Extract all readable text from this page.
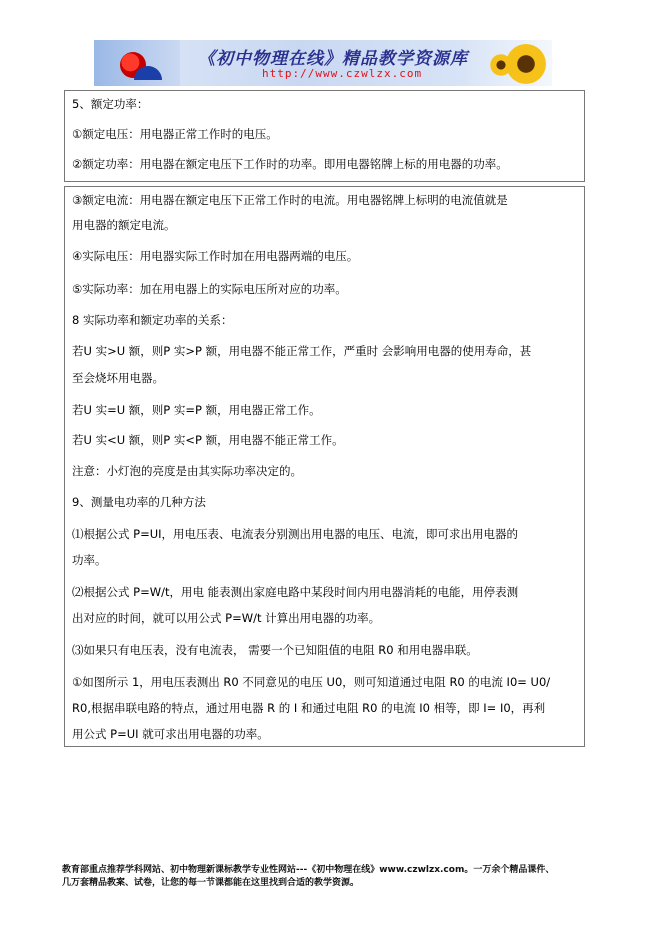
《初中物理在线》精品教学资源库
http://www.czwlzx.com
5、额定功率：
①额定电压：用电器正常工作时的电压。
②额定功率：用电器在额定电压下工作时的功率。即用电器铭牌上标的用电器的功率。
③额定电流：用电器在额定电压下正常工作时的电流。用电器铭牌上标明的电流值就是
用电器的额定电流。
④实际电压：用电器实际工作时加在用电器两端的电压。
⑤实际功率：加在用电器上的实际电压所对应的功率。
8 实际功率和额定功率的关系：
若U 实>U 额，则P 实>P 额，用电器不能正常工作，严重时 会影响用电器的使用寿命，甚
至会烧坏用电器。
若U 实=U 额，则P 实=P 额，用电器正常工作。
若U 实<U 额，则P 实<P 额，用电器不能正常工作。
注意：小灯泡的亮度是由其实际功率决定的。
9、测量电功率的几种方法
⑴根据公式 P=UI，用电压表、电流表分别测出用电器的电压、电流，即可求出用电器的
功率。
⑵根据公式 P=W/t，用电 能表测出家庭电路中某段时间内用电器消耗的电能，用停表测
出对应的时间，就可以用公式 P=W/t 计算出用电器的功率。
⑶如果只有电压表，没有电流表， 需要一个已知阻值的电阻 R0 和用电器串联。
①如图所示 1，用电压表测出 R0 不同意见的电压 U0，则可知道通过电阻 R0 的电流 I0= U0/
R0,根据串联电路的特点，通过用电器 R 的 I 和通过电阻 R0 的电流 I0 相等，即 I= I0，再利
用公式 P=UI 就可求出用电器的功率。
教育部重点推荐学科网站、初中物理新课标教学专业性网站---《初中物理在线》www.czwlzx.com。一万余个精品课件、
几万套精品教案、试卷，让您的每一节课都能在这里找到合适的教学资源。
